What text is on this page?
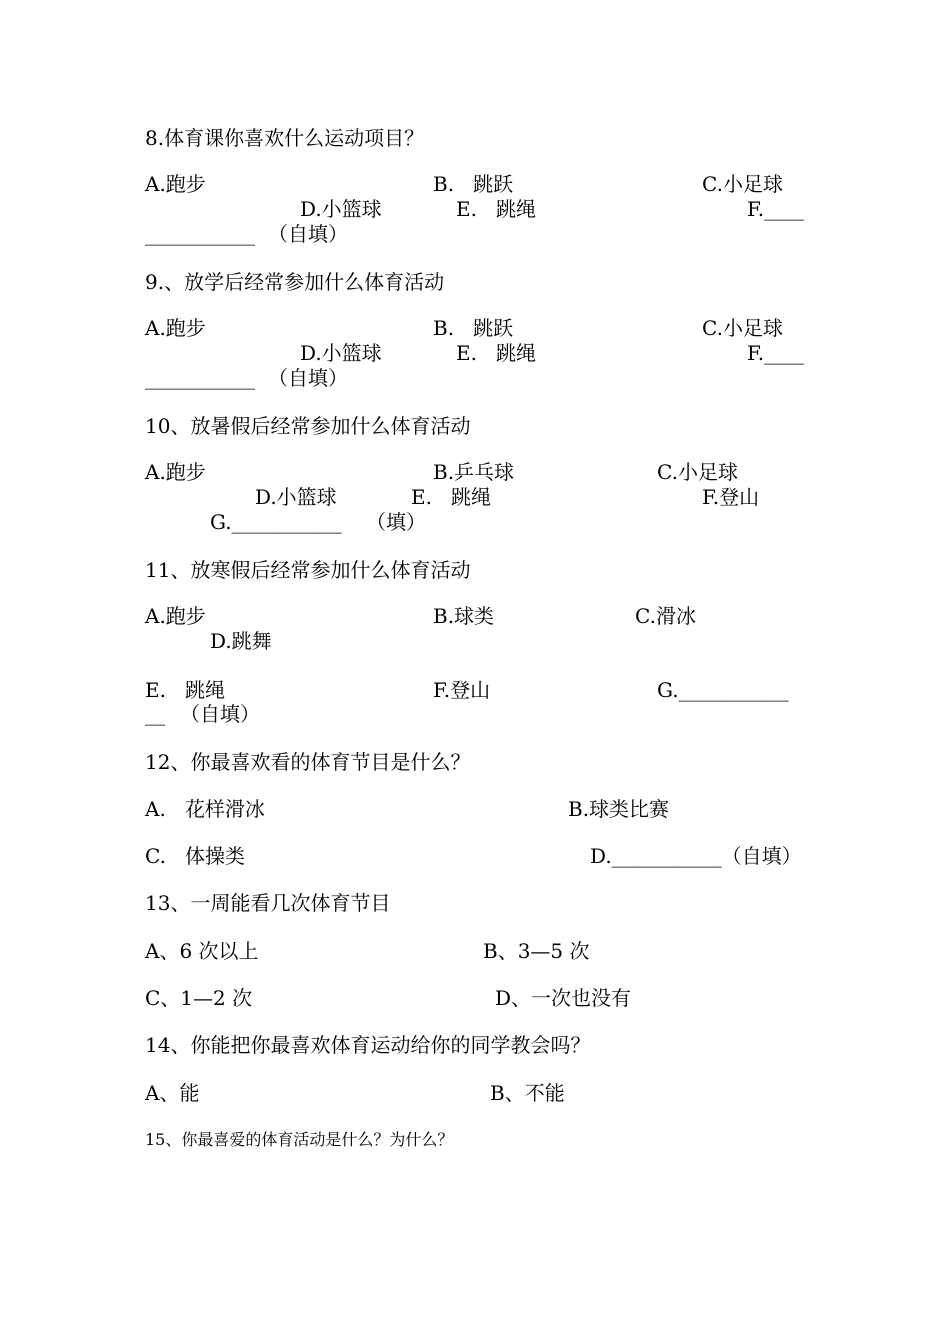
8.体育课你喜欢什么运动项目？
A.跑步	B.   跳跃	C.小足球
D.小篮球	E.   跳绳	F.____
___________ （自填）
9.、放学后经常参加什么体育活动
A.跑步	B.   跳跃	C.小足球
D.小篮球	E.   跳绳	F.____
___________ （自填）
10、放暑假后经常参加什么体育活动
A.跑步	B.乒乓球	C.小足球
D.小篮球	E.   跳绳	F.登山
G.___________ （填）
11、放寒假后经常参加什么体育活动
A.跑步	B.球类	C.滑冰
D.跳舞
E.   跳绳	F.登山	G.___________
__ （自填）
12、你最喜欢看的体育节目是什么？
A.   花样滑冰	B.球类比赛
C.   体操类	D.___________（自填）
13、一周能看几次体育节目
A、6 次以上	B、3—5 次
C、1—2 次	D、一次也没有
14、你能把你最喜欢体育运动给你的同学教会吗？
A、能	B、不能
15、你最喜爱的体育活动是什么？为什么？
